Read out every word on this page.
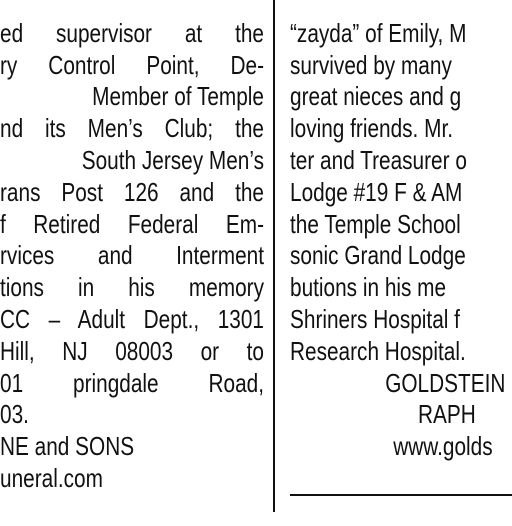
ed supervisor at the
ry Control Point, De-
Member of Temple
nd its Men’s Club; the
South Jersey Men’s
rans Post 126 and the
f Retired Federal Em-
rvices and Interment
tions in his memory
CC – Adult Dept., 1301
Hill, NJ 08003 or to
01 pringdale Road,
03.
NE and SONS
uneral.com
“zayda” of Emily, M
survived by many
great nieces and g
loving friends. Mr.
ter and Treasurer o
Lodge #19 F & AM
the Temple School
sonic Grand Lodge
butions in his me
Shriners Hospital f
Research Hospital.
GOLDSTEIN
RAPH
www.golds
